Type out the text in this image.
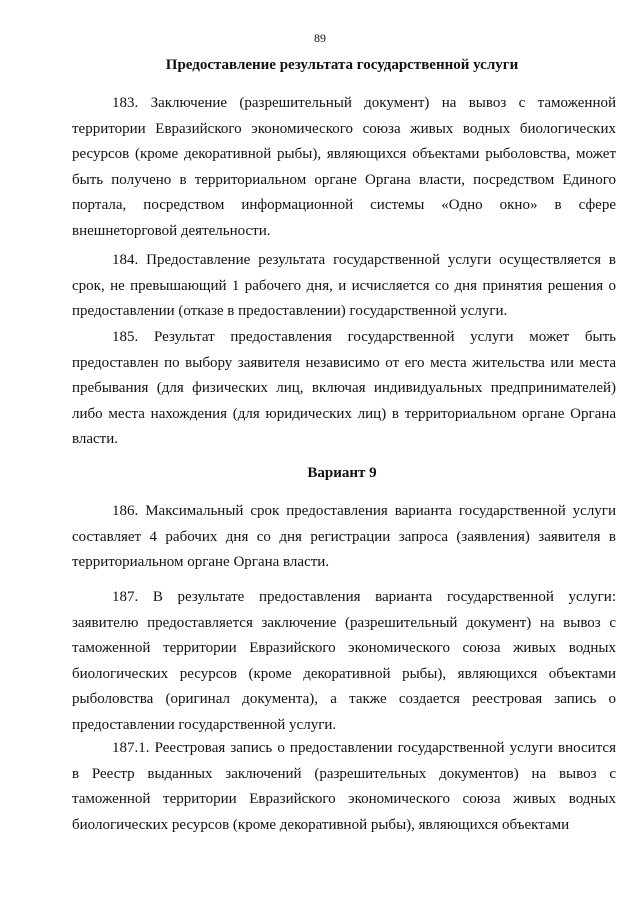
89
Предоставление результата государственной услуги

183. Заключение (разрешительный документ) на вывоз с таможенной территории Евразийского экономического союза живых водных биологических ресурсов (кроме декоративной рыбы), являющихся объектами рыболовства, может быть получено в территориальном органе Органа власти, посредством Единого портала, посредством информационной системы «Одно окно» в сфере внешнеторговой деятельности.

184. Предоставление результата государственной услуги осуществляется в срок, не превышающий 1 рабочего дня, и исчисляется со дня принятия решения о предоставлении (отказе в предоставлении) государственной услуги.

185. Результат предоставления государственной услуги может быть предоставлен по выбору заявителя независимо от его места жительства или места пребывания (для физических лиц, включая индивидуальных предпринимателей) либо места нахождения (для юридических лиц) в территориальном органе Органа власти.

Вариант 9

186. Максимальный срок предоставления варианта государственной услуги составляет 4 рабочих дня со дня регистрации запроса (заявления) заявителя в территориальном органе Органа власти.

187. В результате предоставления варианта государственной услуги: заявителю предоставляется заключение (разрешительный документ) на вывоз с таможенной территории Евразийского экономического союза живых водных биологических ресурсов (кроме декоративной рыбы), являющихся объектами рыболовства (оригинал документа), а также создается реестровая запись о предоставлении государственной услуги.

187.1. Реестровая запись о предоставлении государственной услуги вносится в Реестр выданных заключений (разрешительных документов) на вывоз с таможенной территории Евразийского экономического союза живых водных биологических ресурсов (кроме декоративной рыбы), являющихся объектами
